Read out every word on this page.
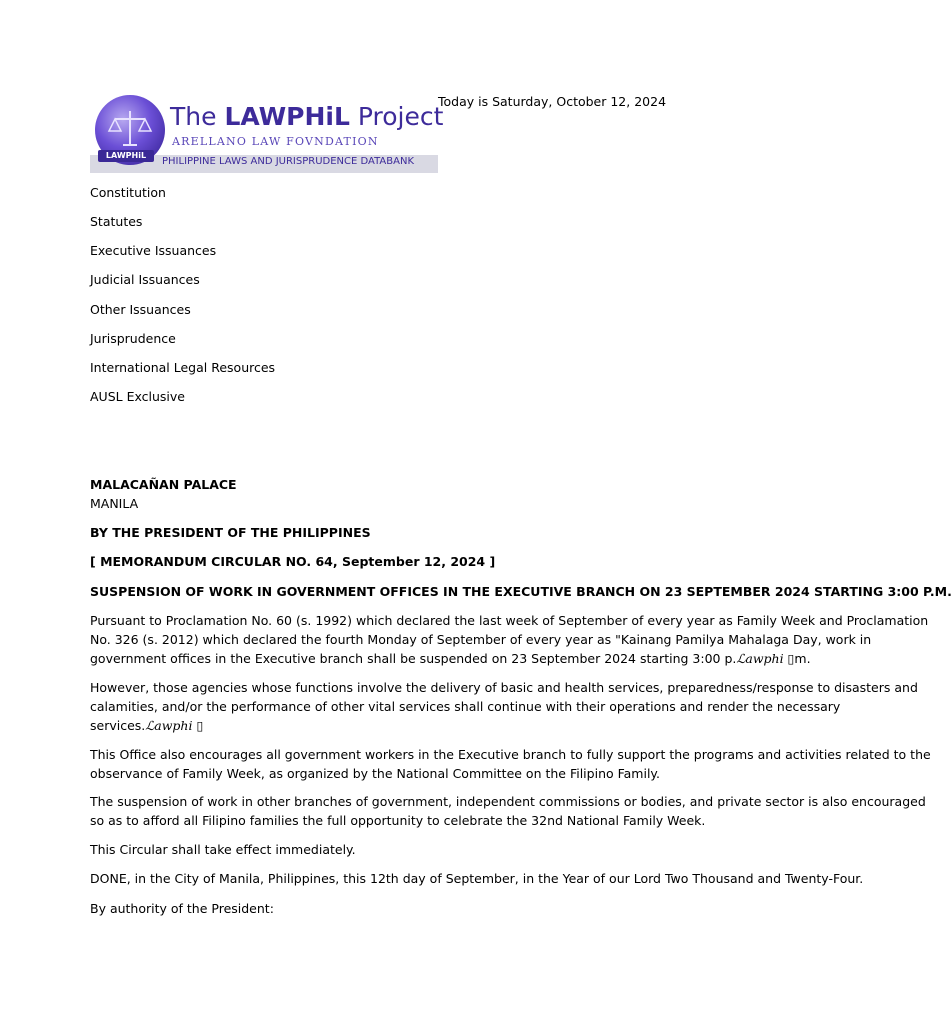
LAWPHiL
The LAWPHiL Project
ARELLANO LAW FOVNDATION
PHILIPPINE LAWS AND JURISPRUDENCE DATABANK
Today is Saturday, October 12, 2024
Constitution
Statutes
Executive Issuances
Judicial Issuances
Other Issuances
Jurisprudence
International Legal Resources
AUSL Exclusive
MALACAÑAN PALACE
MANILA
BY THE PRESIDENT OF THE PHILIPPINES
[ MEMORANDUM CIRCULAR NO. 64, September 12, 2024 ]
SUSPENSION OF WORK IN GOVERNMENT OFFICES IN THE EXECUTIVE BRANCH ON 23 SEPTEMBER 2024 STARTING 3:00 P.M.
Pursuant to Proclamation No. 60 (s. 1992) which declared the last week of September of every year as Family Week and Proclamation
No. 326 (s. 2012) which declared the fourth Monday of September of every year as "Kainang Pamilya Mahalaga Day, work in
government offices in the Executive branch shall be suspended on 23 September 2024 starting 3:00 p.ℒawphi ▯m.
However, those agencies whose functions involve the delivery of basic and health services, preparedness/response to disasters and
calamities, and/or the performance of other vital services shall continue with their operations and render the necessary
services.ℒawphi ▯
This Office also encourages all government workers in the Executive branch to fully support the programs and activities related to the
observance of Family Week, as organized by the National Committee on the Filipino Family.
The suspension of work in other branches of government, independent commissions or bodies, and private sector is also encouraged
so as to afford all Filipino families the full opportunity to celebrate the 32nd National Family Week.
This Circular shall take effect immediately.
DONE, in the City of Manila, Philippines, this 12th day of September, in the Year of our Lord Two Thousand and Twenty-Four.
By authority of the President:
